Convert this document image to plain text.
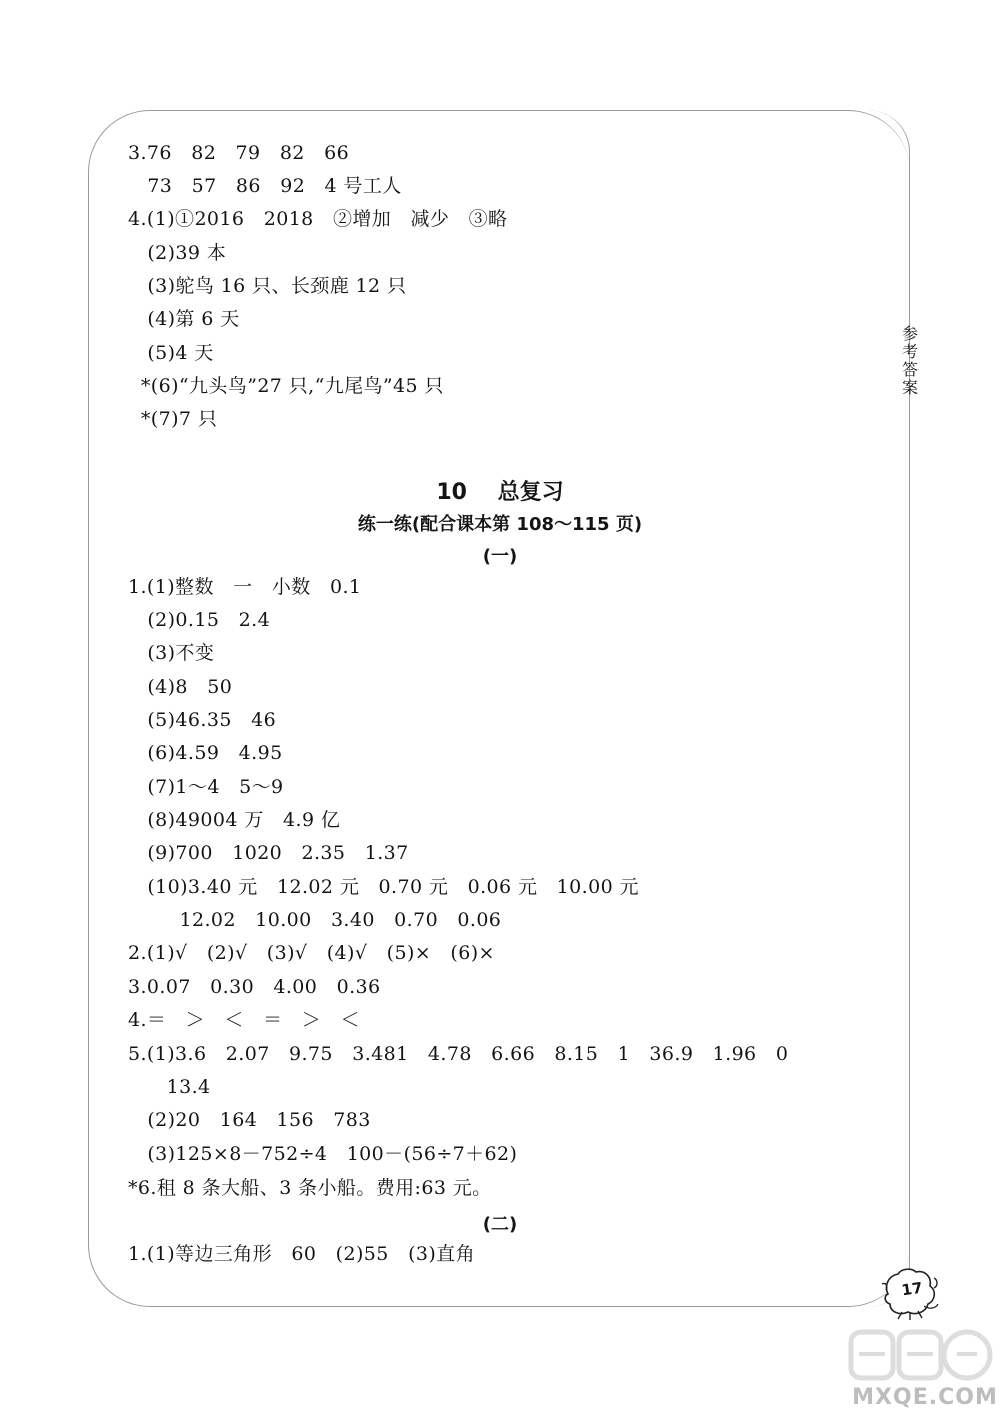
3.76   82   79   82   66
73   57   86   92   4 号工人
4.(1)①2016   2018   ②增加   减少   ③略
(2)39 本
(3)鸵鸟 16 只、长颈鹿 12 只
(4)第 6 天
(5)4 天
*(6)“九头鸟”27 只,“九尾鸟”45 只
*(7)7 只
10    总复习
练一练(配合课本第 108～115 页)
(一)
1.(1)整数   一   小数   0.1
(2)0.15   2.4
(3)不变
(4)8   50
(5)46.35   46
(6)4.59   4.95
(7)1～4   5～9
(8)49004 万   4.9 亿
(9)700   1020   2.35   1.37
(10)3.40 元   12.02 元   0.70 元   0.06 元   10.00 元
12.02   10.00   3.40   0.70   0.06
2.(1)√   (2)√   (3)√   (4)√   (5)×   (6)×
3.0.07   0.30   4.00   0.36
4.＝   ＞   ＜   ＝   ＞   ＜
5.(1)3.6   2.07   9.75   3.481   4.78   6.66   8.15   1   36.9   1.96   0
13.4
(2)20   164   156   783
(3)125×8－752÷4   100－(56÷7＋62)
*6.租 8 条大船、3 条小船。费用:63 元。
(二)
1.(1)等边三角形   60   (2)55   (3)直角
参考答案
17
MXQE.COM
